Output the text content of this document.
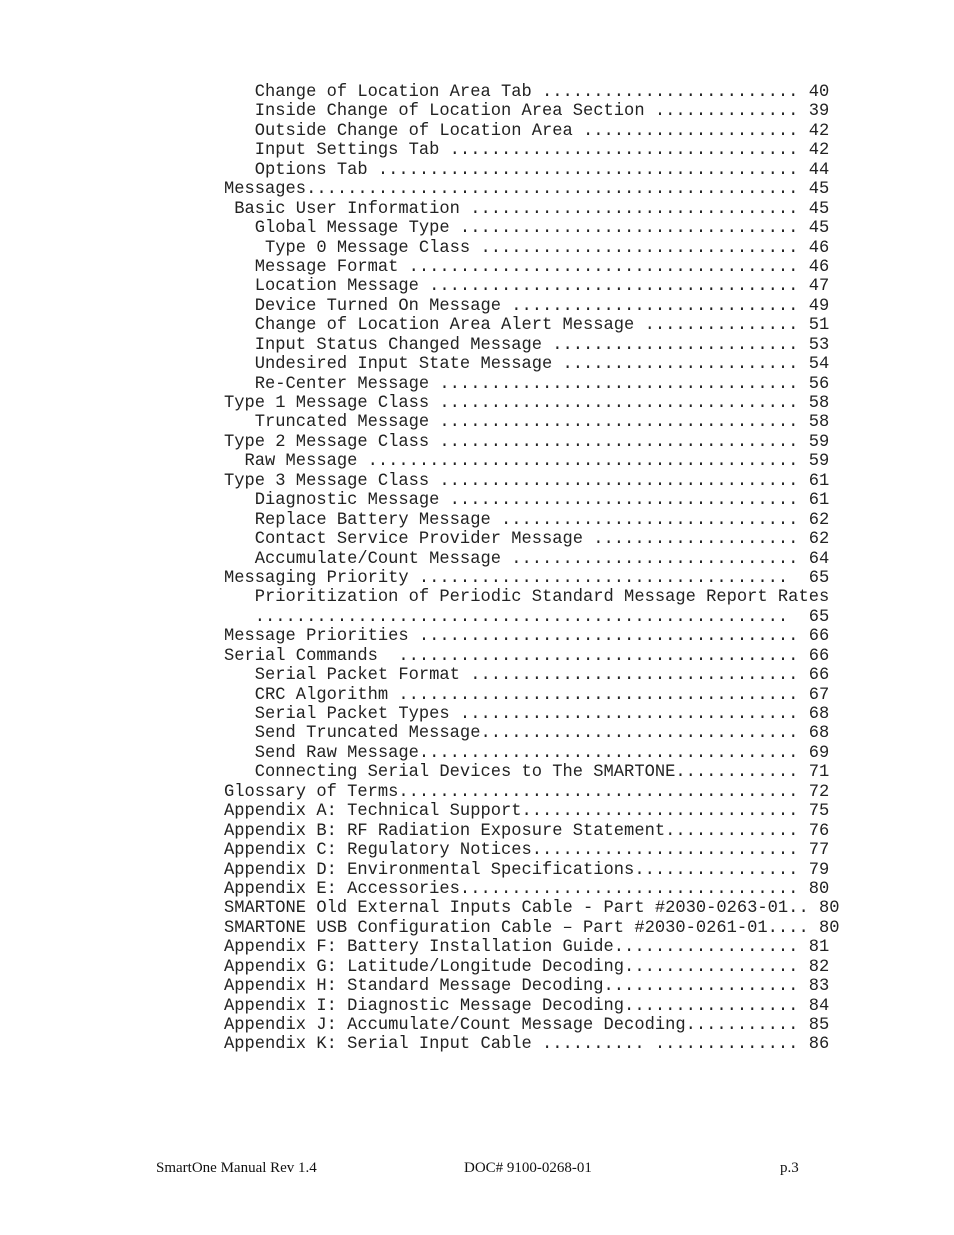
Change of Location Area Tab ......................... 40
Inside Change of Location Area Section .............. 39
Outside Change of Location Area ..................... 42
Input Settings Tab .................................. 42
Options Tab ......................................... 44
Messages................................................ 45
Basic User Information ................................ 45
Global Message Type ................................. 45
Type 0 Message Class ............................... 46
Message Format ...................................... 46
Location Message .................................... 47
Device Turned On Message ............................ 49
Change of Location Area Alert Message ............... 51
Input Status Changed Message ........................ 53
Undesired Input State Message ....................... 54
Re-Center Message ................................... 56
Type 1 Message Class ................................... 58
Truncated Message ................................... 58
Type 2 Message Class ................................... 59
Raw Message .......................................... 59
Type 3 Message Class ................................... 61
Diagnostic Message .................................. 61
Replace Battery Message ............................. 62
Contact Service Provider Message .................... 62
Accumulate/Count Message ............................ 64
Messaging Priority ....................................  65
Prioritization of Periodic Standard Message Report Rates
....................................................  65
Message Priorities ..................................... 66
Serial Commands  ....................................... 66
Serial Packet Format ................................ 66
CRC Algorithm ....................................... 67
Serial Packet Types ................................. 68
Send Truncated Message............................... 68
Send Raw Message..................................... 69
Connecting Serial Devices to The SMARTONE............ 71
Glossary of Terms....................................... 72
Appendix A: Technical Support........................... 75
Appendix B: RF Radiation Exposure Statement............. 76
Appendix C: Regulatory Notices.......................... 77
Appendix D: Environmental Specifications................ 79
Appendix E: Accessories................................. 80
SMARTONE Old External Inputs Cable - Part #2030-0263-01.. 80
SMARTONE USB Configuration Cable – Part #2030-0261-01.... 80
Appendix F: Battery Installation Guide.................. 81
Appendix G: Latitude/Longitude Decoding................. 82
Appendix H: Standard Message Decoding................... 83
Appendix I: Diagnostic Message Decoding................. 84
Appendix J: Accumulate/Count Message Decoding........... 85
Appendix K: Serial Input Cable .......... .............. 86
SmartOne Manual Rev 1.4	DOC# 9100-0268-01	p.3
